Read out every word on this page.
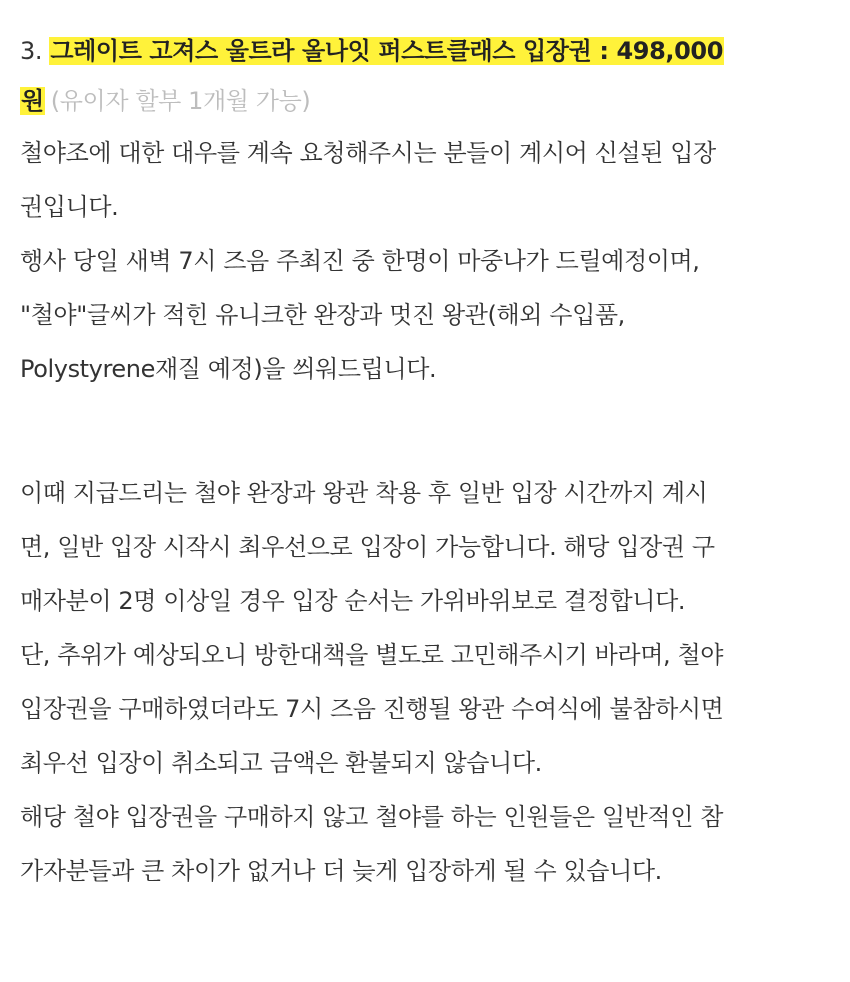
3. 그레이트 고져스 울트라 올나잇 퍼스트클래스 입장권 : 498,000
원 (유이자 할부 1개월 가능)
철야조에 대한 대우를 계속 요청해주시는 분들이 계시어 신설된 입장
권입니다.
행사 당일 새벽 7시 즈음 주최진 중 한명이 마중나가 드릴예정이며,
"철야"글씨가 적힌 유니크한 완장과 멋진 왕관(해외 수입품,
Polystyrene재질 예정)을 씌워드립니다.
이때 지급드리는 철야 완장과 왕관 착용 후 일반 입장 시간까지 계시
면, 일반 입장 시작시 최우선으로 입장이 가능합니다. 해당 입장권 구
매자분이 2명 이상일 경우 입장 순서는 가위바위보로 결정합니다.
단, 추위가 예상되오니 방한대책을 별도로 고민해주시기 바라며, 철야
입장권을 구매하였더라도 7시 즈음 진행될 왕관 수여식에 불참하시면
최우선 입장이 취소되고 금액은 환불되지 않습니다.
해당 철야 입장권을 구매하지 않고 철야를 하는 인원들은 일반적인 참
가자분들과 큰 차이가 없거나 더 늦게 입장하게 될 수 있습니다.
